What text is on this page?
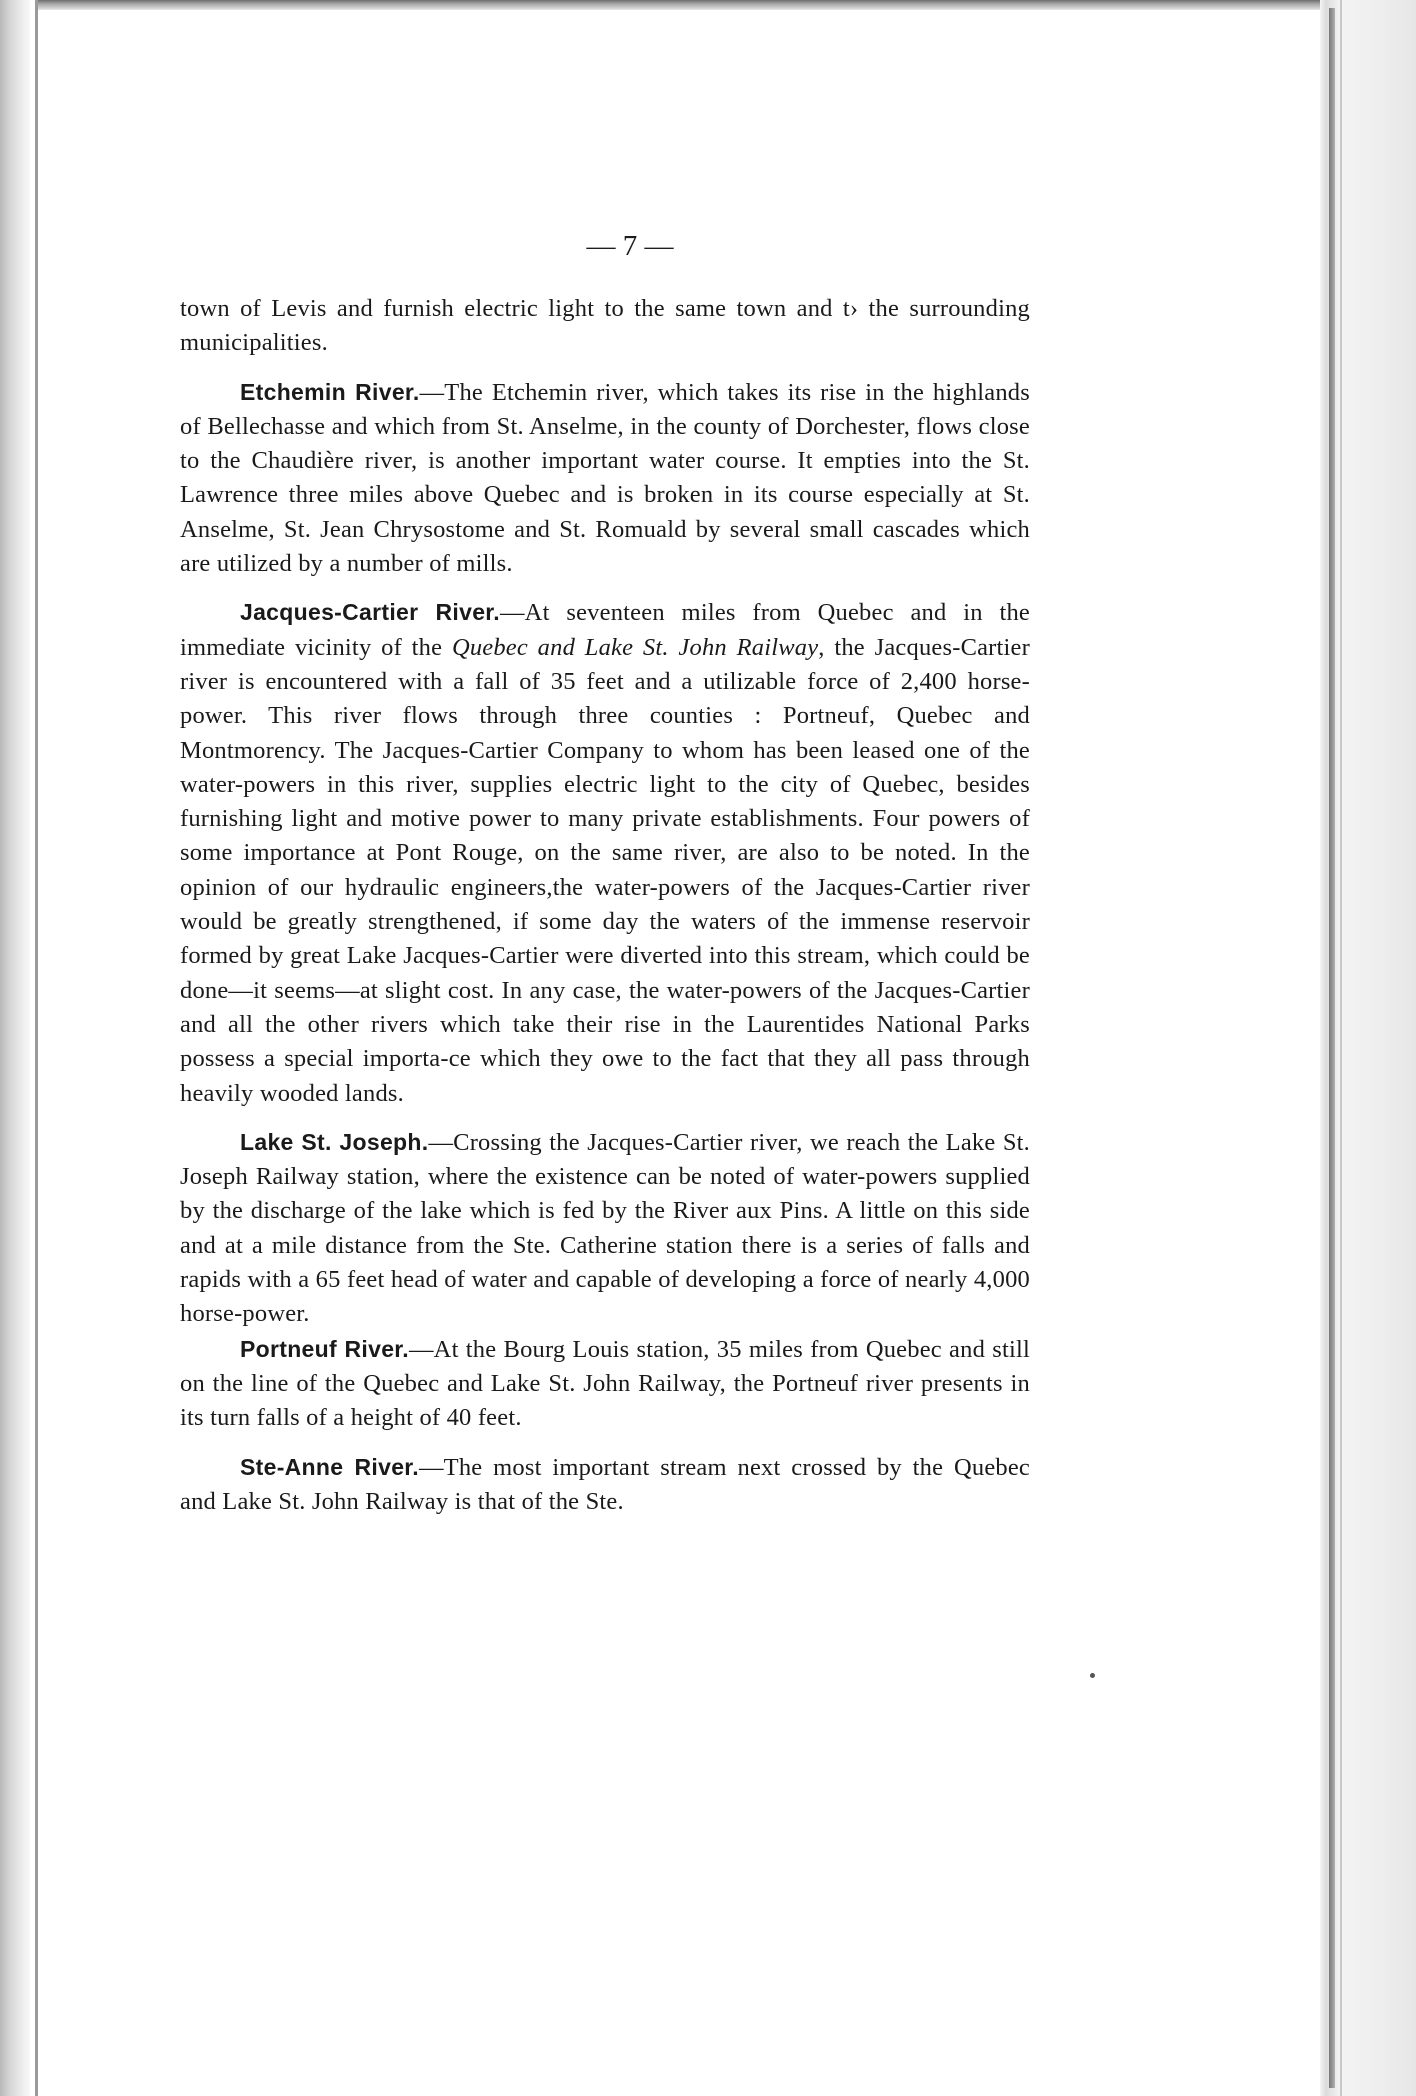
— 7 —

town of Levis and furnish electric light to the same town and t› the surrounding municipalities.

Etchemin River.—The Etchemin river, which takes its rise in the highlands of Bellechasse and which from St. Anselme, in the county of Dorchester, flows close to the Chaudière river, is another important water course. It empties into the St. Lawrence three miles above Quebec and is broken in its course especially at St. Anselme, St. Jean Chrysostome and St. Romuald by several small cascades which are utilized by a number of mills.

Jacques-Cartier River.—At seventeen miles from Quebec and in the immediate vicinity of the Quebec and Lake St. John Railway, the Jacques-Cartier river is encountered with a fall of 35 feet and a utilizable force of 2,400 horse-power. This river flows through three counties : Portneuf, Quebec and Montmorency. The Jacques-Cartier Company to whom has been leased one of the water-powers in this river, supplies electric light to the city of Quebec, besides furnishing light and motive power to many private establishments. Four powers of some importance at Pont Rouge, on the same river, are also to be noted. In the opinion of our hydraulic engineers,the water-powers of the Jacques-Cartier river would be greatly strengthened, if some day the waters of the immense reservoir formed by great Lake Jacques-Cartier were diverted into this stream, which could be done—it seems—at slight cost. In any case, the water-powers of the Jacques-Cartier and all the other rivers which take their rise in the Laurentides National Parks possess a special importa-ce which they owe to the fact that they all pass through heavily wooded lands.

Lake St. Joseph.—Crossing the Jacques-Cartier river, we reach the Lake St. Joseph Railway station, where the existence can be noted of water-powers supplied by the discharge of the lake which is fed by the River aux Pins. A little on this side and at a mile distance from the Ste. Catherine station there is a series of falls and rapids with a 65 feet head of water and capable of developing a force of nearly 4,000 horse-power.

Portneuf River.—At the Bourg Louis station, 35 miles from Quebec and still on the line of the Quebec and Lake St. John Railway, the Portneuf river presents in its turn falls of a height of 40 feet.

Ste-Anne River.—The most important stream next crossed by the Quebec and Lake St. John Railway is that of the Ste.
